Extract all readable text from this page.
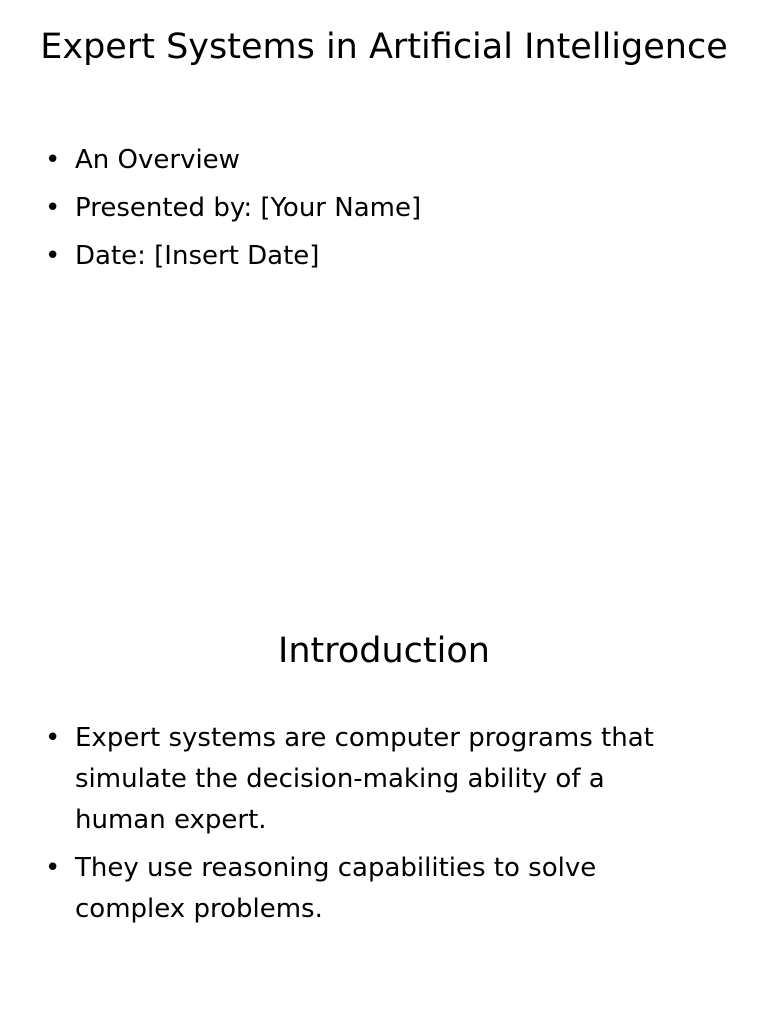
Expert Systems in Artificial Intelligence
• An Overview
• Presented by: [Your Name]
• Date: [Insert Date]
Introduction
• Expert systems are computer programs that simulate the decision-making ability of a human expert.
• They use reasoning capabilities to solve complex problems.
